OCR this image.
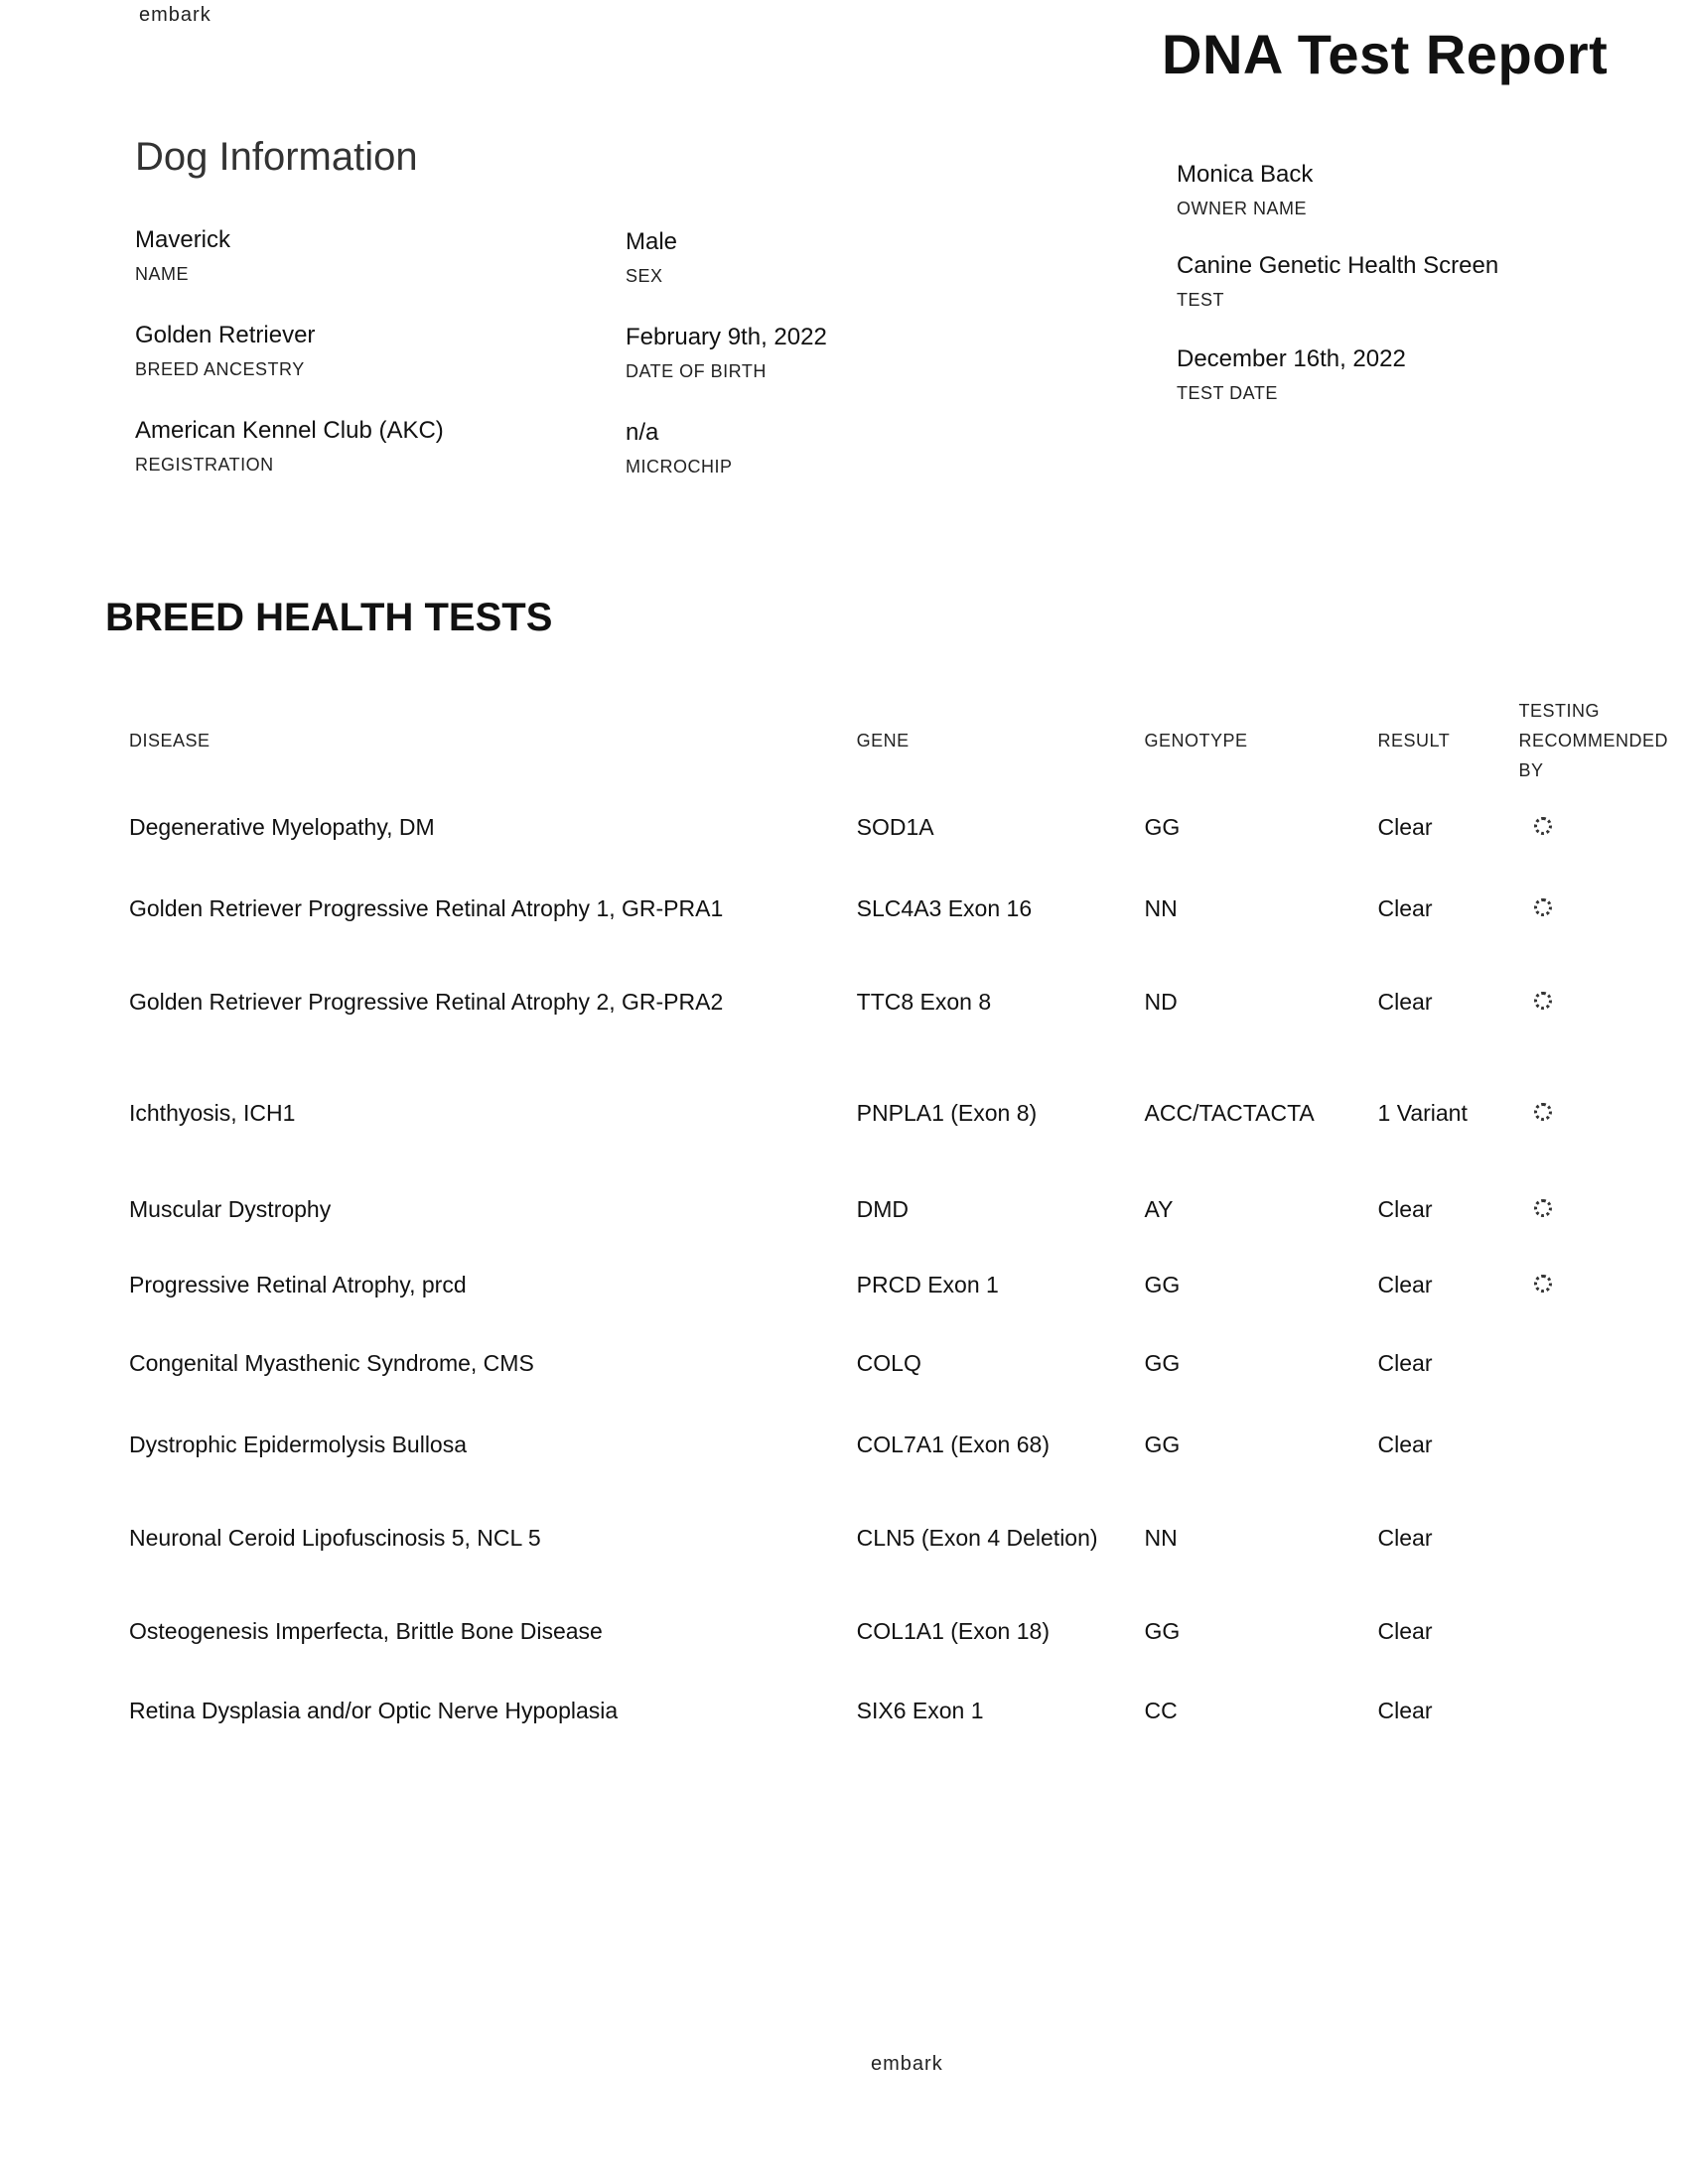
embark
DNA Test Report
Dog Information
Maverick
NAME
Male
SEX
Golden Retriever
BREED ANCESTRY
February 9th, 2022
DATE OF BIRTH
American Kennel Club (AKC)
REGISTRATION
n/a
MICROCHIP
Monica Back
OWNER NAME
Canine Genetic Health Screen
TEST
December 16th, 2022
TEST DATE
BREED HEALTH TESTS
DISEASE	GENE	GENOTYPE	RESULT	TESTING RECOMMENDED BY
Degenerative Myelopathy, DM	SOD1A	GG	Clear	
Golden Retriever Progressive Retinal Atrophy 1, GR-PRA1	SLC4A3 Exon 16	NN	Clear	
Golden Retriever Progressive Retinal Atrophy 2, GR-PRA2	TTC8 Exon 8	ND	Clear	
Ichthyosis, ICH1	PNPLA1 (Exon 8)	ACC/TACTACTA	1 Variant	
Muscular Dystrophy	DMD	AY	Clear	
Progressive Retinal Atrophy, prcd	PRCD Exon 1	GG	Clear	
Congenital Myasthenic Syndrome, CMS	COLQ	GG	Clear	
Dystrophic Epidermolysis Bullosa	COL7A1 (Exon 68)	GG	Clear	
Neuronal Ceroid Lipofuscinosis 5, NCL 5	CLN5 (Exon 4 Deletion)	NN	Clear	
Osteogenesis Imperfecta, Brittle Bone Disease	COL1A1 (Exon 18)	GG	Clear	
Retina Dysplasia and/or Optic Nerve Hypoplasia	SIX6 Exon 1	CC	Clear	
embark
